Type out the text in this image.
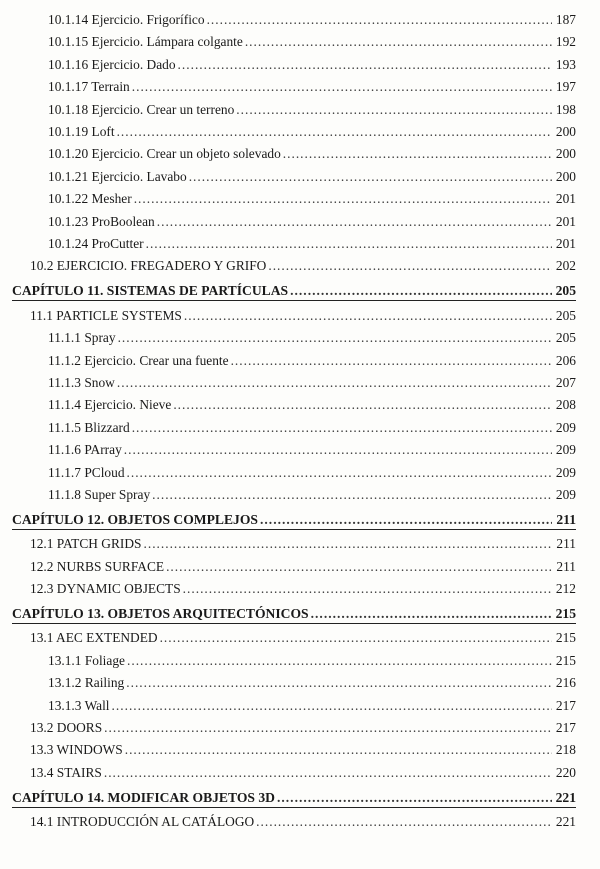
10.1.14 Ejercicio. Frigorífico .....	187
10.1.15 Ejercicio. Lámpara colgante .....	192
10.1.16 Ejercicio. Dado .....	193
10.1.17 Terrain .....	197
10.1.18 Ejercicio. Crear un terreno .....	198
10.1.19 Loft .....	200
10.1.20 Ejercicio. Crear un objeto solevado .....	200
10.1.21 Ejercicio. Lavabo .....	200
10.1.22 Mesher .....	201
10.1.23 ProBoolean .....	201
10.1.24 ProCutter .....	201
10.2 EJERCICIO. FREGADERO Y GRIFO .....	202
CAPÍTULO 11. SISTEMAS DE PARTÍCULAS .....	205
11.1 PARTICLE SYSTEMS .....	205
11.1.1 Spray .....	205
11.1.2 Ejercicio. Crear una fuente .....	206
11.1.3 Snow .....	207
11.1.4 Ejercicio. Nieve .....	208
11.1.5 Blizzard .....	209
11.1.6 PArray .....	209
11.1.7 PCloud .....	209
11.1.8 Super Spray .....	209
CAPÍTULO 12. OBJETOS COMPLEJOS .....	211
12.1 PATCH GRIDS .....	211
12.2 NURBS SURFACE .....	211
12.3 DYNAMIC OBJECTS .....	212
CAPÍTULO 13. OBJETOS ARQUITECTÓNICOS .....	215
13.1 AEC EXTENDED .....	215
13.1.1 Foliage .....	215
13.1.2 Railing .....	216
13.1.3 Wall .....	217
13.2 DOORS .....	217
13.3 WINDOWS .....	218
13.4 STAIRS .....	220
CAPÍTULO 14. MODIFICAR OBJETOS 3D .....	221
14.1 INTRODUCCIÓN AL CATÁLOGO .....	221
